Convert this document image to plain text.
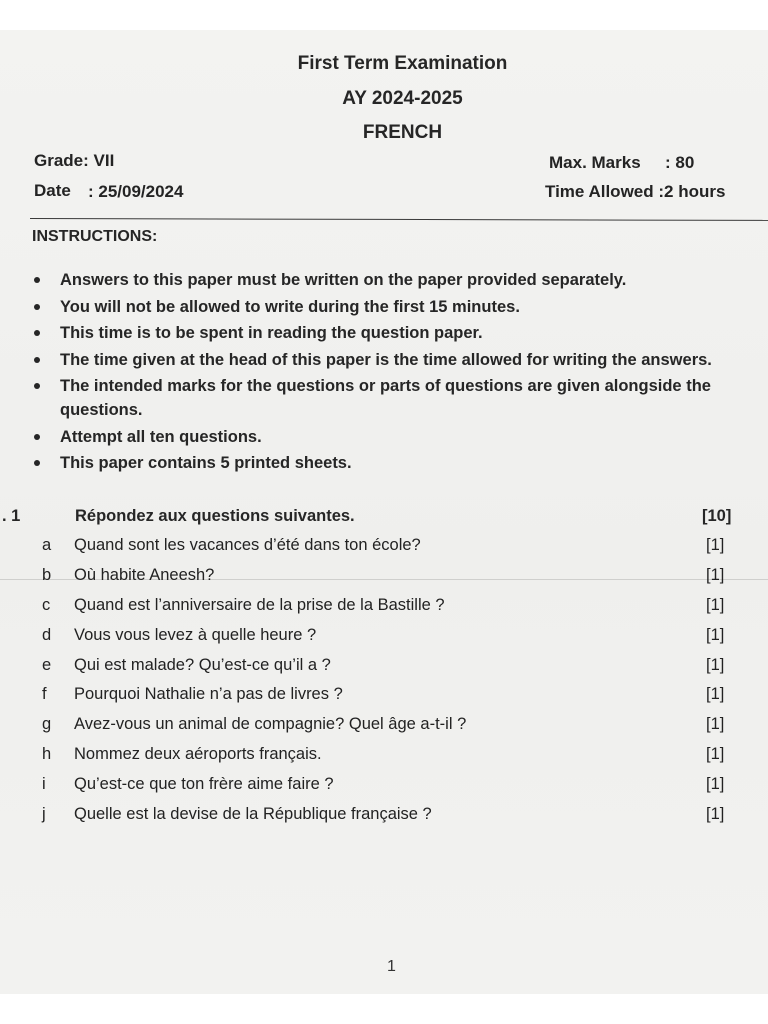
First Term Examination
AY 2024-2025
FRENCH
Grade: VII
Date : 25/09/2024
Max. Marks : 80
Time Allowed :2 hours
INSTRUCTIONS:
Answers to this paper must be written on the paper provided separately.
You will not be allowed to write during the first 15 minutes.
This time is to be spent in reading the question paper.
The time given at the head of this paper is the time allowed for writing the answers.
The intended marks for the questions or parts of questions are given alongside the questions.
Attempt all ten questions.
This paper contains 5 printed sheets.
. 1	Répondez aux questions suivantes.	[10]
a Quand sont les vacances d’été dans ton école?	[1]
b Où habite Aneesh?	[1]
c Quand est l’anniversaire de la prise de la Bastille ?	[1]
d Vous vous levez à quelle heure ?	[1]
e Qui est malade? Qu’est-ce qu’il a ?	[1]
f Pourquoi Nathalie n’a pas de livres ?	[1]
g Avez-vous un animal de compagnie? Quel âge a-t-il ?	[1]
h Nommez deux aéroports français.	[1]
i Qu’est-ce que ton frère aime faire ?	[1]
j Quelle est la devise de la République française ?	[1]
1
